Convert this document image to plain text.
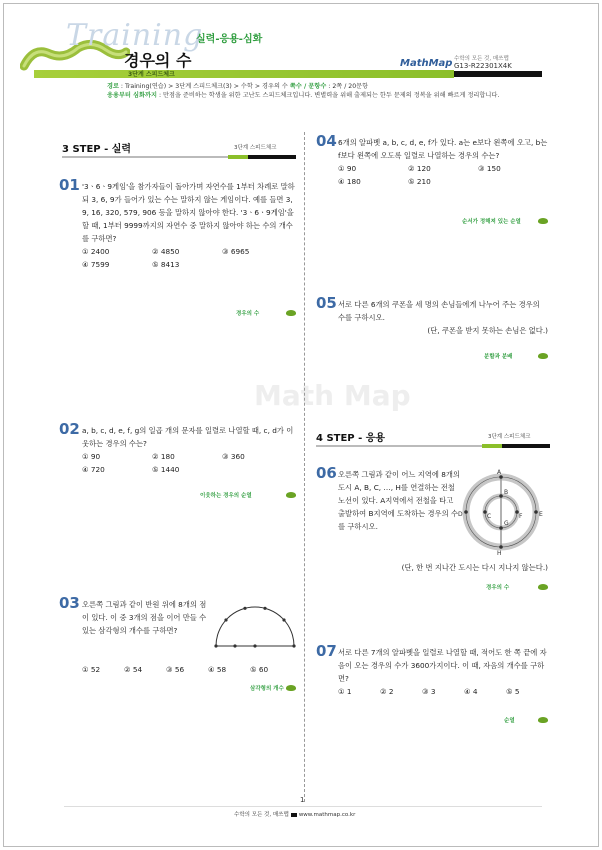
Training
실력-응용-심화
경우의 수	MathMap 수학의 모든 것, 매쓰맵
G13-R22301X4K
3단계 스피드체크
경로 : Training(연습) > 3단계 스피드체크(3) > 수학 > 경우의 수 쪽수 / 문항수 : 2쪽 / 20문항
응용부터 심화까지 : 만점을 준비하는 학생을 위한 고난도 스피드체크입니다. 변별력을 위해 출제되는 한두 문제의 정복을 위해 빠르게 정리합니다.
Math Map
3 STEP - 실력	3단계 스피드체크
01 '3ㆍ6ㆍ9게임'을 참가자들이 돌아가며 자연수를 1부터 차례로 말하되 3, 6, 9가 들어가 있는 수는 말하지 않는 게임이다. 예를 들면 3, 9, 16, 320, 579, 906 등을 말하지 않아야 한다. '3ㆍ6ㆍ9게임'을 할 때, 1부터 9999까지의 자연수 중 말하지 않아야 하는 수의 개수를 구하면?
① 2400	② 4850	③ 6965
④ 7599	⑤ 8413
경우의 수
02 a, b, c, d, e, f, g의 일곱 개의 문자를 일렬로 나열할 때, c, d가 이웃하는 경우의 수는?
① 90	② 180	③ 360
④ 720	⑤ 1440
이웃하는 경우의 순열
03 오른쪽 그림과 같이 반원 위에 8개의 점이 있다. 이 중 3개의 점을 이어 만들 수 있는 삼각형의 개수를 구하면?
① 52	② 54	③ 56	④ 58	⑤ 60
삼각형의 개수
04 6개의 알파벳 a, b, c, d, e, f가 있다. a는 e보다 왼쪽에 오고, b는 f보다 왼쪽에 오도록 일렬로 나열하는 경우의 수는?
① 90	② 120	③ 150
④ 180	⑤ 210
순서가 정해져 있는 순열
05 서로 다른 6개의 쿠폰을 세 명의 손님들에게 나누어 주는 경우의 수를 구하시오.
(단, 쿠폰을 받지 못하는 손님은 없다.)
분할과 분배
4 STEP - 응용	3단계 스피드체크
06 오른쪽 그림과 같이 어느 지역에 8개의 도시 A, B, C, …, H를 연결하는 전철 노선이 있다. A지역에서 전철을 타고 출발하여 B지역에 도착하는 경우의 수를 구하시오.
(단, 한 번 지나간 도시는 다시 지나지 않는다.)
A
B
C
D	E
F
G
H
경우의 수
07 서로 다른 7개의 알파벳을 일렬로 나열할 때, 적어도 한 쪽 끝에 자음이 오는 경우의 수가 3600가지이다. 이 때, 자음의 개수를 구하면?
① 1	② 2	③ 3	④ 4	⑤ 5
순열
1
수학의 모든 것, 매쓰맵 www.mathmap.co.kr
